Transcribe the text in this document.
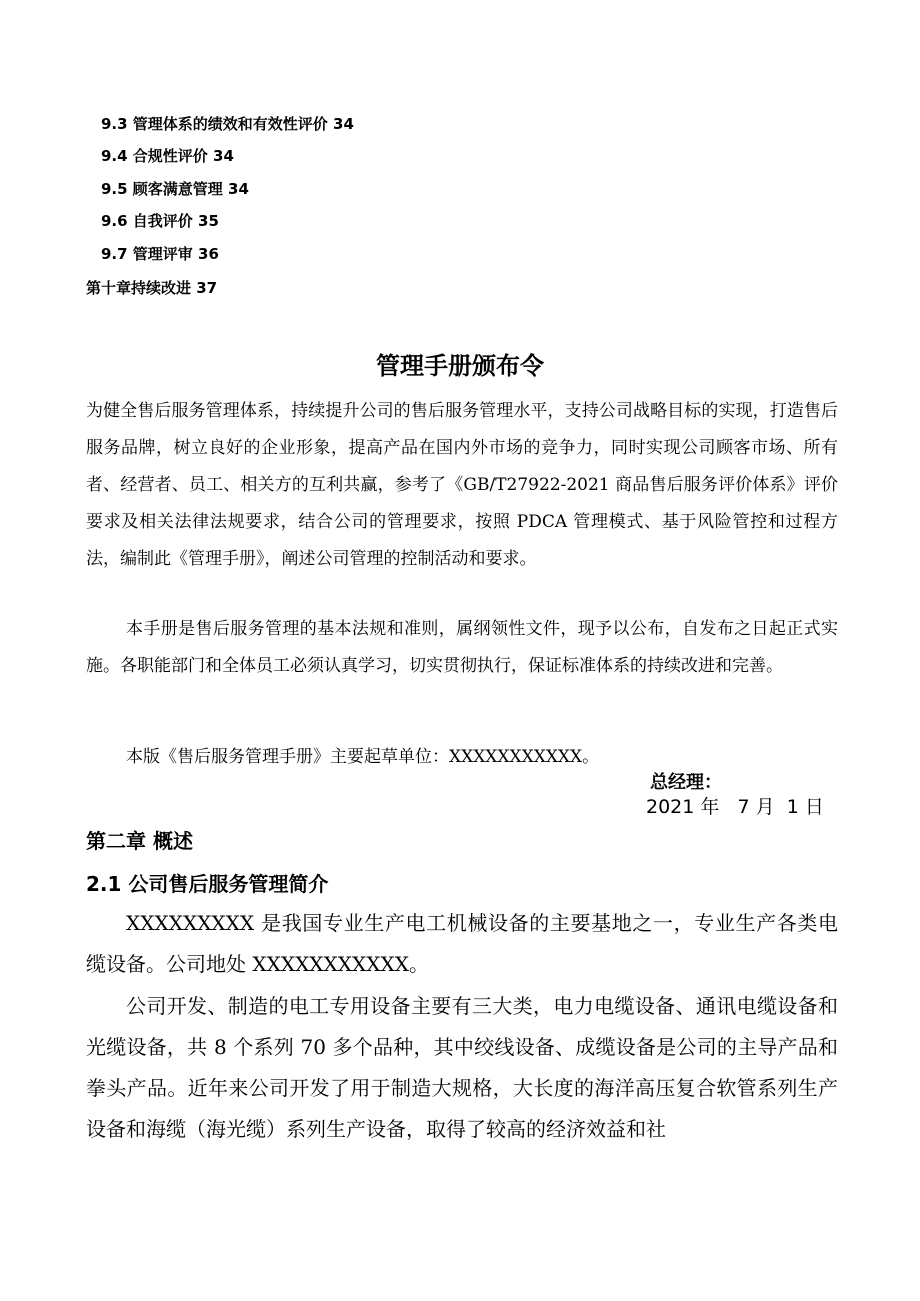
9.3 管理体系的绩效和有效性评价 34
9.4 合规性评价 34
9.5 顾客满意管理 34
9.6 自我评价 35
9.7 管理评审 36
第十章持续改进 37
管理手册颁布令
为健全售后服务管理体系，持续提升公司的售后服务管理水平，支持公司战略目标的实现，打造售后服务品牌，树立良好的企业形象，提高产品在国内外市场的竞争力，同时实现公司顾客市场、所有者、经营者、员工、相关方的互利共赢，参考了《GB/T27922-2021 商品售后服务评价体系》评价要求及相关法律法规要求，结合公司的管理要求，按照 PDCA 管理模式、基于风险管控和过程方法，编制此《管理手册》，阐述公司管理的控制活动和要求。
本手册是售后服务管理的基本法规和准则，属纲领性文件，现予以公布，自发布之日起正式实施。各职能部门和全体员工必须认真学习，切实贯彻执行，保证标准体系的持续改进和完善。
本版《售后服务管理手册》主要起草单位：XXXXXXXXXXX。
总经理：
2021 年   7 月  1 日
第二章 概述
2.1 公司售后服务管理简介
XXXXXXXXX 是我国专业生产电工机械设备的主要基地之一，专业生产各类电缆设备。公司地处 XXXXXXXXXXX。
公司开发、制造的电工专用设备主要有三大类，电力电缆设备、通讯电缆设备和光缆设备，共 8 个系列 70 多个品种，其中绞线设备、成缆设备是公司的主导产品和拳头产品。近年来公司开发了用于制造大规格，大长度的海洋高压复合软管系列生产设备和海缆（海光缆）系列生产设备，取得了较高的经济效益和社
